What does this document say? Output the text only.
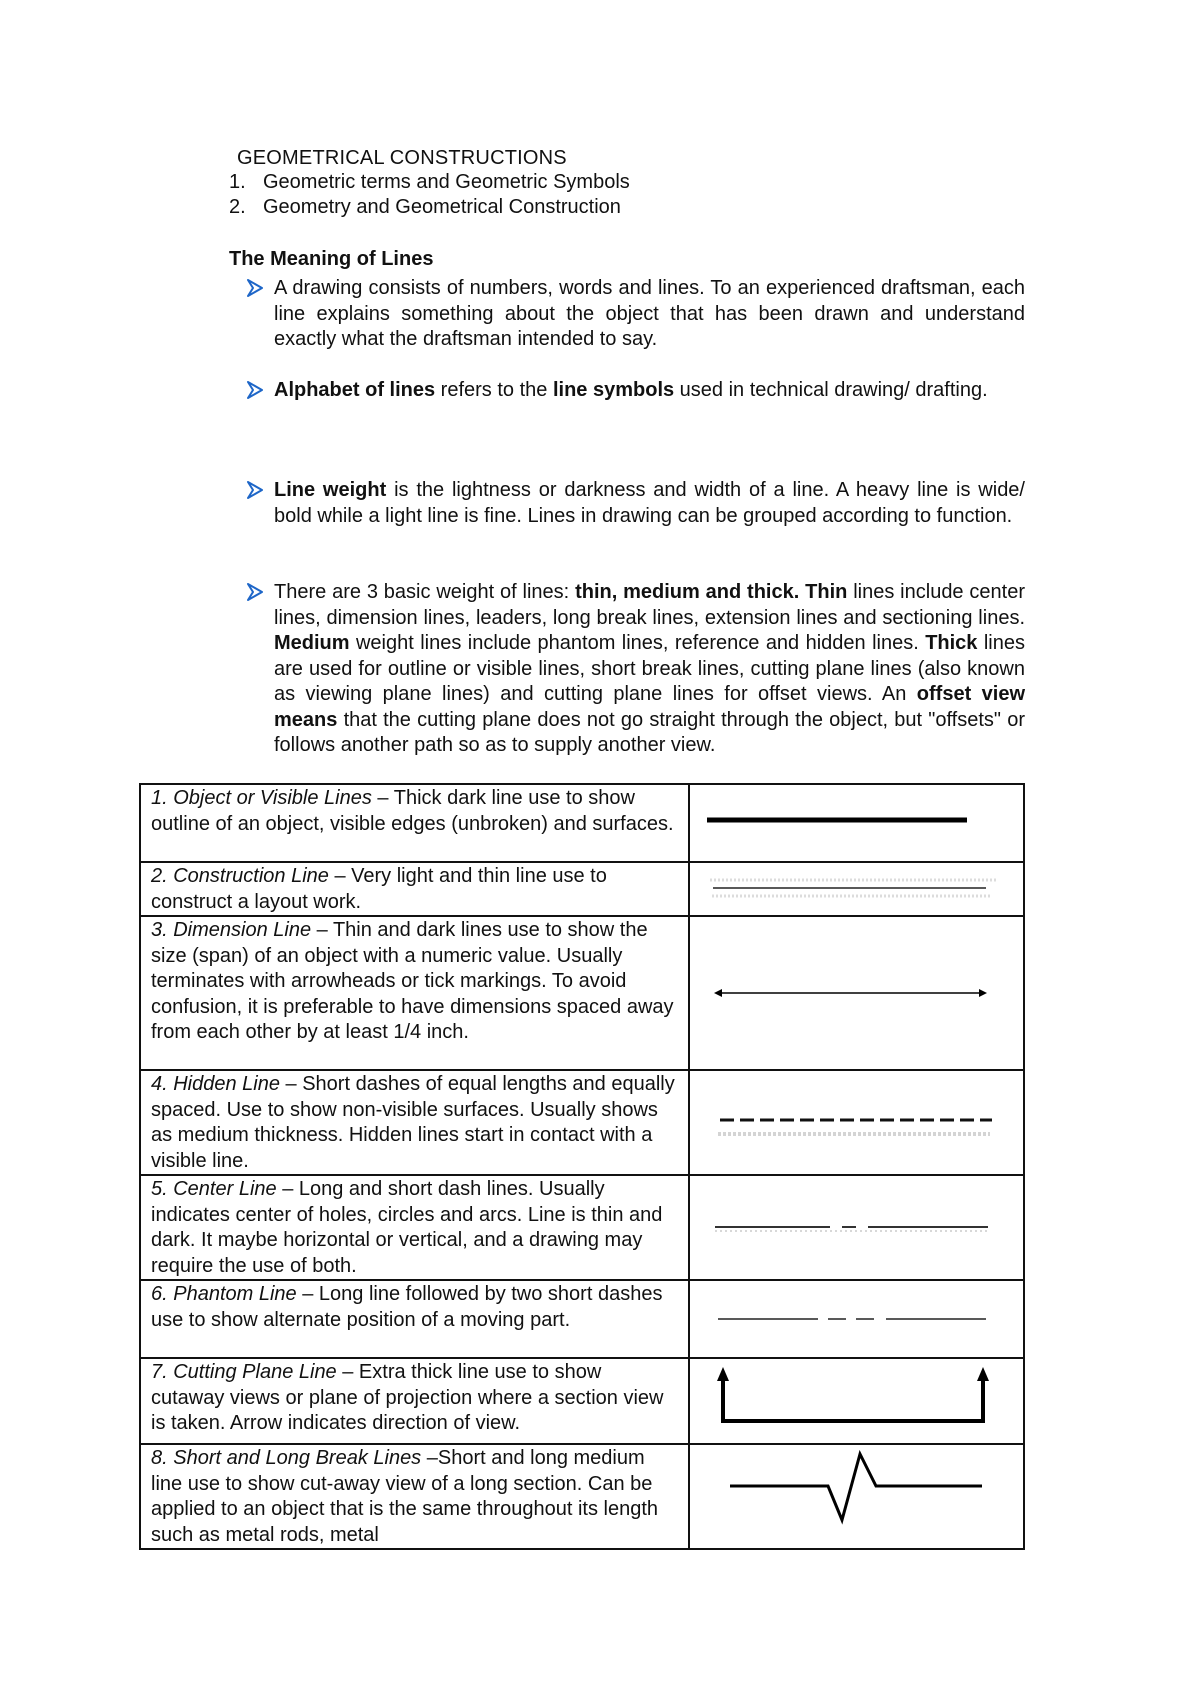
GEOMETRICAL CONSTRUCTIONS
1. Geometric terms and Geometric Symbols
2. Geometry and Geometrical Construction
The Meaning of Lines
A drawing consists of numbers, words and lines. To an experienced draftsman, each line explains something about the object that has been drawn and understand exactly what the draftsman intended to say.
Alphabet of lines refers to the line symbols used in technical drawing/ drafting.
Line weight is the lightness or darkness and width of a line. A heavy line is wide/ bold while a light line is fine. Lines in drawing can be grouped according to function.
There are 3 basic weight of lines: thin, medium and thick. Thin lines include center lines, dimension lines, leaders, long break lines, extension lines and sectioning lines. Medium weight lines include phantom lines, reference and hidden lines. Thick lines are used for outline or visible lines, short break lines, cutting plane lines (also known as viewing plane lines) and cutting plane lines for offset views. An offset view means that the cutting plane does not go straight through the object, but "offsets" or follows another path so as to supply another view.
1. Object or Visible Lines – Thick dark line use to show outline of an object, visible edges (unbroken) and surfaces.	

2. Construction Line – Very light and thin line use to construct a layout work.	

3. Dimension Line – Thin and dark lines use to show the size (span) of an object with a numeric value. Usually terminates with arrowheads or tick markings. To avoid confusion, it is preferable to have dimensions spaced away from each other by at least 1/4 inch.	

4. Hidden Line – Short dashes of equal lengths and equally spaced. Use to show non-visible surfaces. Usually shows as medium thickness. Hidden lines start in contact with a visible line.	

5. Center Line – Long and short dash lines. Usually indicates center of holes, circles and arcs. Line is thin and dark. It maybe horizontal or vertical, and a drawing may require the use of both.	

6. Phantom Line – Long line followed by two short dashes use to show alternate position of a moving part.	

7. Cutting Plane Line – Extra thick line use to show cutaway views or plane of projection where a section view is taken. Arrow indicates direction of view.	

8. Short and Long Break Lines –Short and long medium line use to show cut-away view of a long section. Can be applied to an object that is the same throughout its length such as metal rods, metal	
